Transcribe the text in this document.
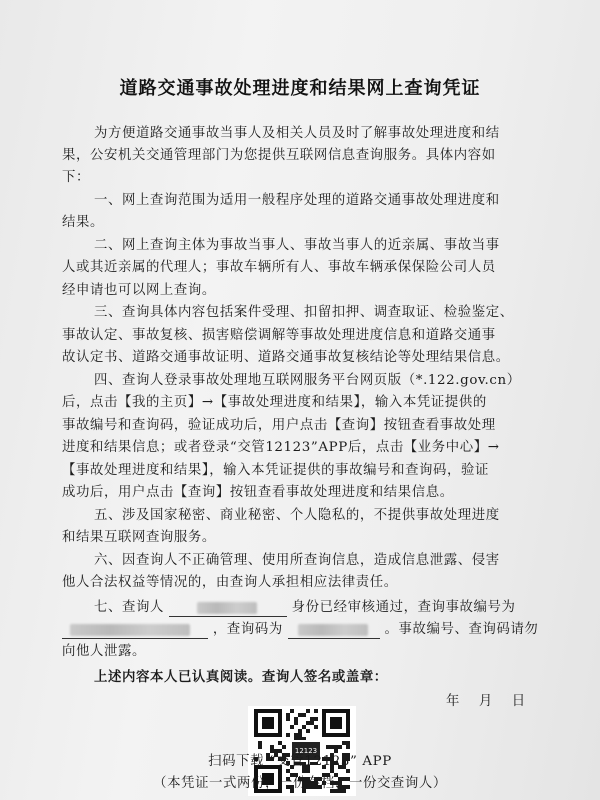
道路交通事故处理进度和结果网上查询凭证
为方便道路交通事故当事人及相关人员及时了解事故处理进度和结
果，公安机关交通管理部门为您提供互联网信息查询服务。具体内容如
下：
一、网上查询范围为适用一般程序处理的道路交通事故处理进度和
结果。
二、网上查询主体为事故当事人、事故当事人的近亲属、事故当事
人或其近亲属的代理人；事故车辆所有人、事故车辆承保保险公司人员
经申请也可以网上查询。
三、查询具体内容包括案件受理、扣留扣押、调查取证、检验鉴定、
事故认定、事故复核、损害赔偿调解等事故处理进度信息和道路交通事
故认定书、道路交通事故证明、道路交通事故复核结论等处理结果信息。
四、查询人登录事故处理地互联网服务平台网页版（*.122.gov.cn）
后，点击【我的主页】→【事故处理进度和结果】，输入本凭证提供的
事故编号和查询码，验证成功后，用户点击【查询】按钮查看事故处理
进度和结果信息；或者登录“交管12123”APP后，点击【业务中心】→
【事故处理进度和结果】，输入本凭证提供的事故编号和查询码，验证
成功后，用户点击【查询】按钮查看事故处理进度和结果信息。
五、涉及国家秘密、商业秘密、个人隐私的，不提供事故处理进度
和结果互联网查询服务。
六、因查询人不正确管理、使用所查询信息，造成信息泄露、侵害
他人合法权益等情况的，由查询人承担相应法律责任。
七、查询人	身份已经审核通过，查询事故编号为
，查询码为	。事故编号、查询码请勿
向他人泄露。
上述内容本人已认真阅读。查询人签名或盖章：
年 月 日
12123
扫码下载 “交管12123” APP
（本凭证一式两份，一份存档，一份交查询人）
